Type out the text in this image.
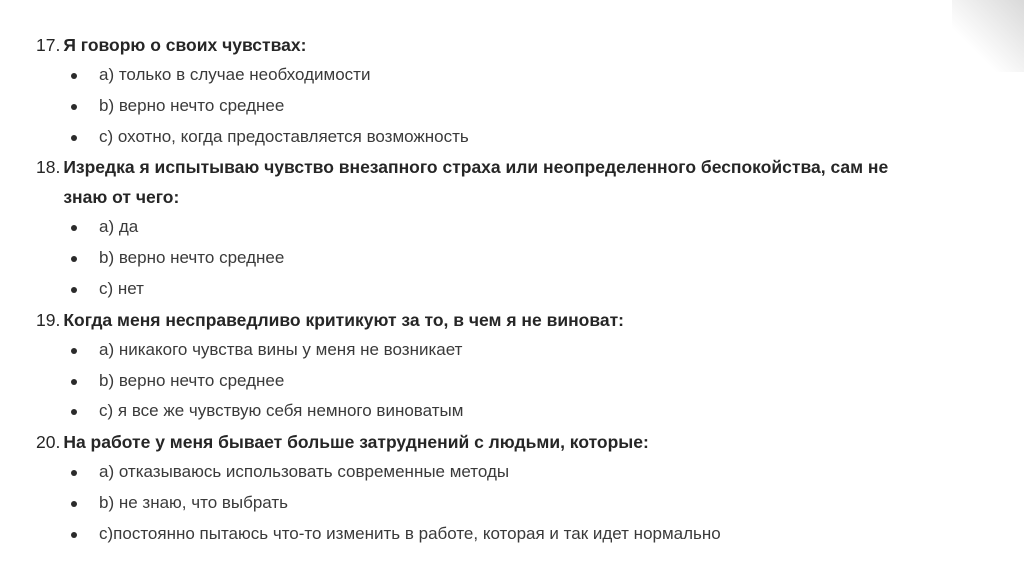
17. Я говорю о своих чувствах:
a) только в случае необходимости
b) верно нечто среднее
c) охотно, когда предоставляется возможность
18. Изредка я испытываю чувство внезапного страха или неопределенного беспокойства, сам не знаю от чего:
a) да
b) верно нечто среднее
c) нет
19. Когда меня несправедливо критикуют за то, в чем я не виноват:
a) никакого чувства вины у меня не возникает
b) верно нечто среднее
c) я все же чувствую себя немного виноватым
20. На работе у меня бывает больше затруднений с людьми, которые:
a) отказываюсь использовать современные методы
b) не знаю, что выбрать
c)постоянно пытаюсь что-то изменить в работе, которая и так идет нормально
